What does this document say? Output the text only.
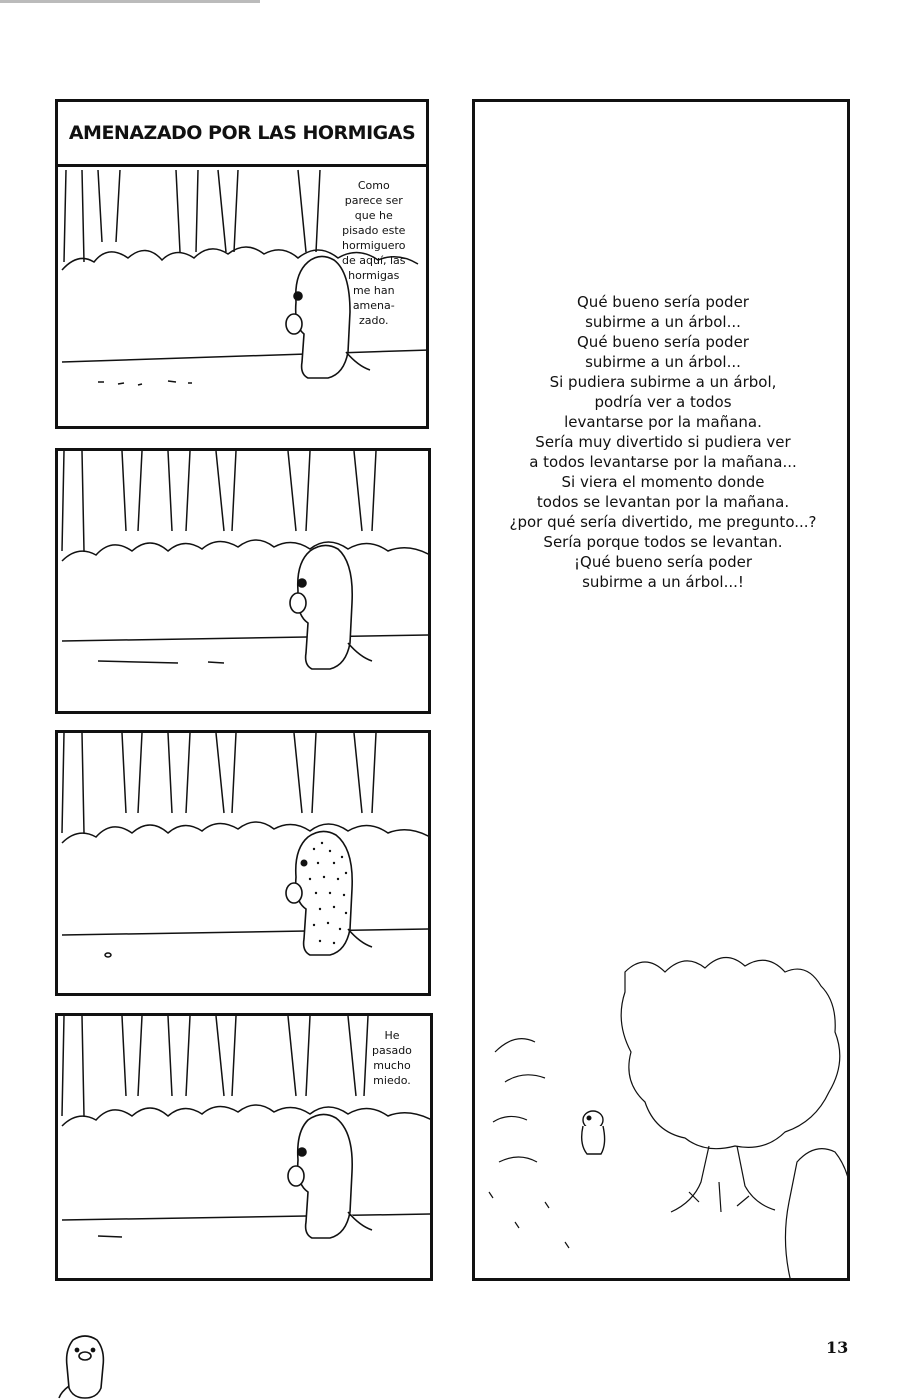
AMENAZADO POR LAS HORMIGAS
Como
parece ser
que he
pisado este
hormiguero
de aquí, las
hormigas
me han
amena-
zado.
He
pasado
mucho
miedo.
Qué bueno sería poder
subirme a un árbol...
Qué bueno sería poder
subirme a un árbol...
Si pudiera subirme a un árbol,
podría ver a todos
levantarse por la mañana.
Sería muy divertido si pudiera ver
a todos levantarse por la mañana...
Si viera el momento donde
todos se levantan por la mañana.
¿por qué sería divertido, me pregunto...?
Sería porque todos se levantan.
¡Qué bueno sería poder
subirme a un árbol...!
13
